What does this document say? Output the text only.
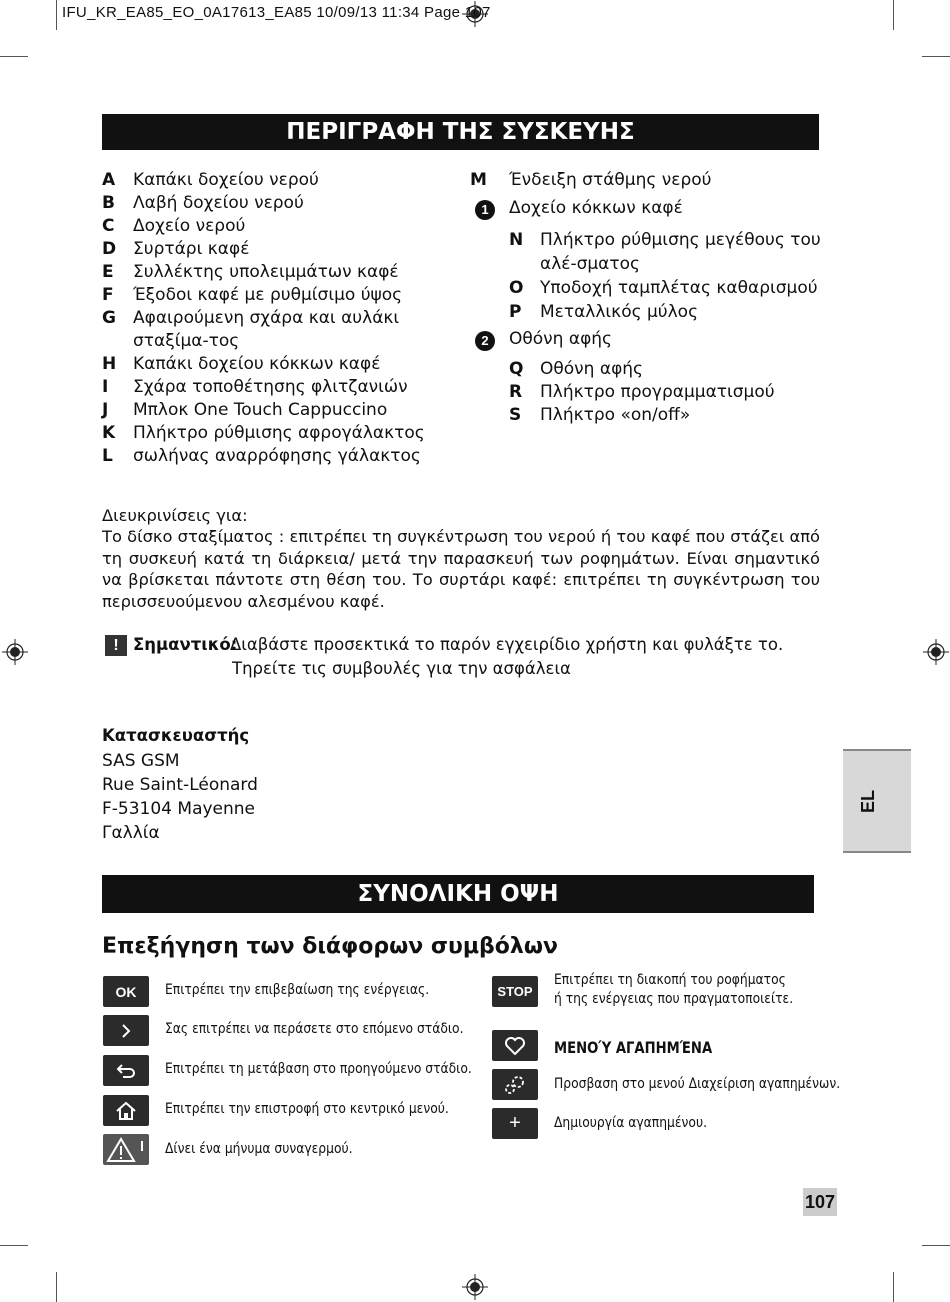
IFU_KR_EA85_EO_0A17613_EA85 10/09/13 11:34 Page 107
ΠΕΡΙΓΡΑΦΗ ΤΗΣ ΣΥΣΚΕΥΗΣ
A Καπάκι δοχείου νερού
B Λαβή δοχείου νερού
C Δοχείο νερού
D Συρτάρι καφέ
E Συλλέκτης υπολειμμάτων καφέ
F Έξοδοι καφέ με ρυθμίσιμο ύψος
G Αφαιρούμενη σχάρα και αυλάκι σταξίμα-τος
H Καπάκι δοχείου κόκκων καφέ
I Σχάρα τοποθέτησης φλιτζανιών
J Μπλοκ One Touch Cappuccino
K Πλήκτρο ρύθμισης αφρογάλακτος
L σωλήνας αναρρόφησης γάλακτος
M Ένδειξη στάθμης νερού
1	Δοχείο κόκκων καφέ
N Πλήκτρο ρύθμισης μεγέθους του αλέ-σματος
O Υποδοχή ταμπλέτας καθαρισμού
P Μεταλλικός μύλος
2	Οθόνη αφής
Q Οθόνη αφής
R Πλήκτρο προγραμματισμού
S Πλήκτρο «on/off»
Διευκρινίσεις για:
Το δίσκο σταξίματος : επιτρέπει τη συγκέντρωση του νερού ή του καφέ που στάζει από τη συσκευή κατά τη διάρκεια/ μετά την παρασκευή των ροφημάτων. Είναι σημαντικό να βρίσκεται πάντοτε στη θέση του. Το συρτάρι καφέ: επιτρέπει τη συγκέντρωση του περισσευούμενου αλεσμένου καφέ.
! Σημαντικό:
Διαβάστε προσεκτικά το παρόν εγχειρίδιο χρήστη και φυλάξτε το.
Τηρείτε τις συμβουλές για την ασφάλεια
Κατασκευαστής
SAS GSM
Rue Saint-Léonard
F-53104 Mayenne
Γαλλία
EL
ΣΥΝΟΛΙΚΗ ΟΨΗ
Επεξήγηση των διάφορων συμβόλων
OK Επιτρέπει την επιβεβαίωση της ενέργειας.
Σας επιτρέπει να περάσετε στο επόμενο στάδιο.
Επιτρέπει τη μετάβαση στο προηγούμενο στάδιο.
Επιτρέπει την επιστροφή στο κεντρικό μενού.
Δίνει ένα μήνυμα συναγερμού.
STOP
Επιτρέπει τη διακοπή του ροφήματος
ή της ενέργειας που πραγματοποιείτε.
ΜΕΝΟΎ ΑΓΑΠΗΜΈΝΑ
Προσβαση στο μενού Διαχείριση αγαπημένων.
+ Δημιουργία αγαπημένου.
107
